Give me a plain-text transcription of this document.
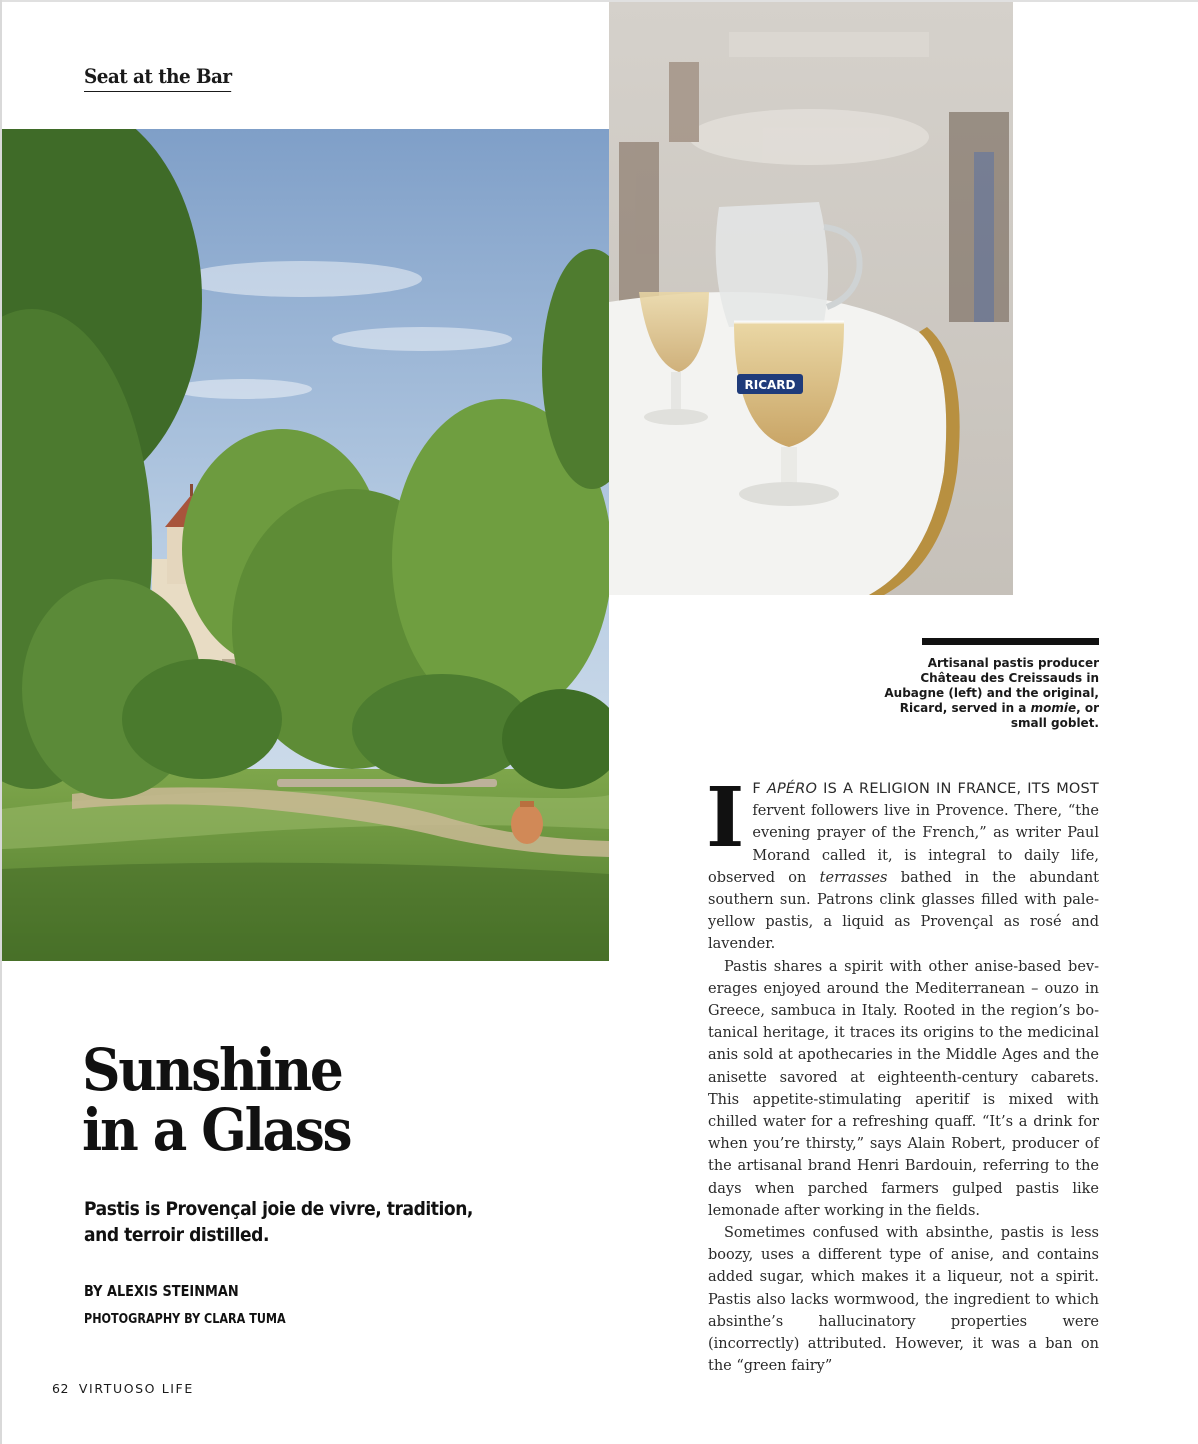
Seat at the Bar
RICARD
Artisanal pastis producer Château des Creissauds in Aubagne (left) and the original, Ricard, served in a momie, or small goblet.
Sunshine
in a Glass
Pastis is Provençal joie de vivre, tradition, and terroir distilled.
BY ALEXIS STEINMAN
PHOTOGRAPHY BY CLARA TUMA
62 VIRTUOSO LIFE

I F APÉRO IS A RELIGION IN FRANCE, ITS MOST fervent followers live in Provence. There, “the evening prayer of the French,” as writer Paul Morand called it, is integral to daily life, observed on terrasses bathed in the abundant southern sun. Patrons clink glasses filled with pale-yellow pastis, a liquid as Provençal as rosé and lavender.

Pastis shares a spirit with other anise-based beverages enjoyed around the Mediterranean – ouzo in Greece, sambuca in Italy. Rooted in the region’s botanical heritage, it traces its origins to the medicinal anis sold at apothecaries in the Middle Ages and the anisette savored at eighteenth-century cabarets. This appetite-stimulating aperitif is mixed with chilled water for a refreshing quaff. “It’s a drink for when you’re thirsty,” says Alain Robert, producer of the artisanal brand Henri Bardouin, referring to the days when parched farmers gulped pastis like lemonade after working in the fields.

Sometimes confused with absinthe, pastis is less boozy, uses a different type of anise, and contains added sugar, which makes it a liqueur, not a spirit. Pastis also lacks wormwood, the ingredient to which absinthe’s hallucinatory properties were (incorrectly) attributed. However, it was a ban on the “green fairy”
